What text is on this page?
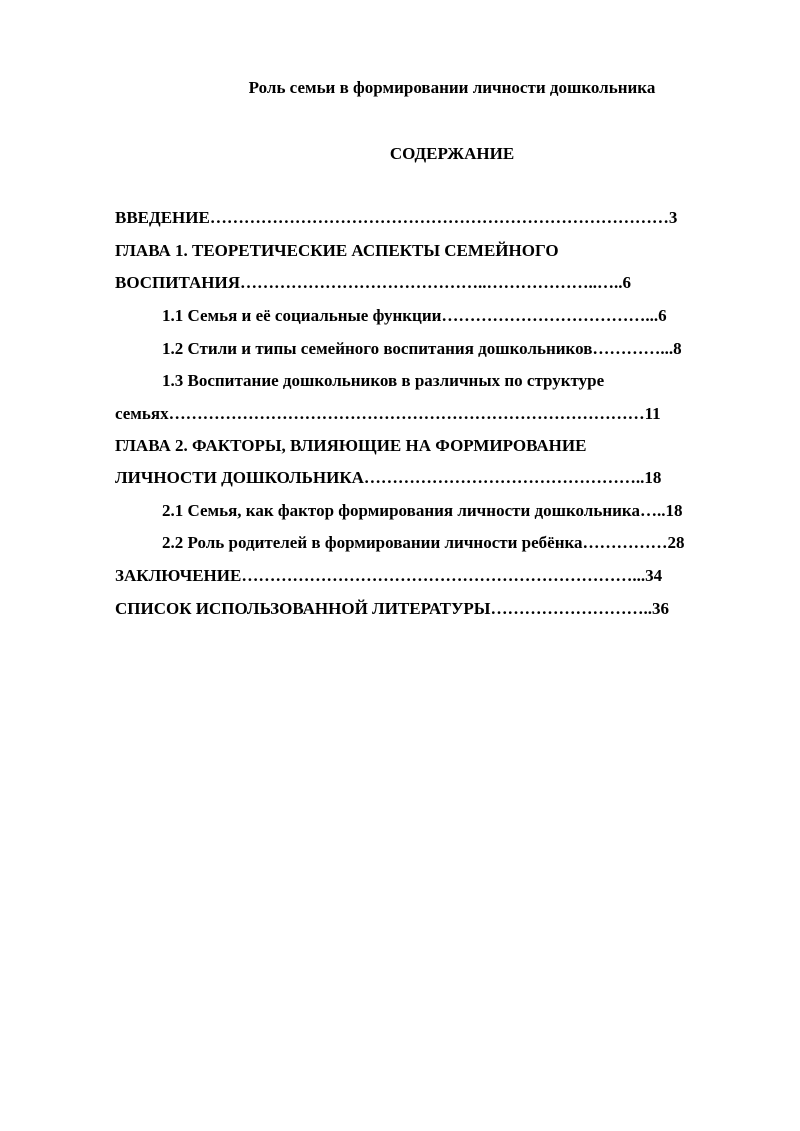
Роль семьи в формировании личности дошкольника
СОДЕРЖАНИЕ
ВВЕДЕНИЕ………………………………………………………………………3
ГЛАВА 1. ТЕОРЕТИЧЕСКИЕ АСПЕКТЫ СЕМЕЙНОГО
ВОСПИТАНИЯ……………………………………..………………..…..6
1.1 Семья и её социальные функции………………………………...6
1.2 Стили и типы семейного воспитания дошкольников…………...8
1.3 Воспитание дошкольников в различных по структуре
семьях…………………………………………………………………………11
ГЛАВА 2. ФАКТОРЫ, ВЛИЯЮЩИЕ НА ФОРМИРОВАНИЕ
ЛИЧНОСТИ ДОШКОЛЬНИКА…………………………………………..18
2.1 Семья, как фактор формирования личности дошкольника…..18
2.2 Роль родителей в формировании личности ребёнка……………28
ЗАКЛЮЧЕНИЕ……………………………………………………………...34
СПИСОК ИСПОЛЬЗОВАННОЙ ЛИТЕРАТУРЫ………………………..36
